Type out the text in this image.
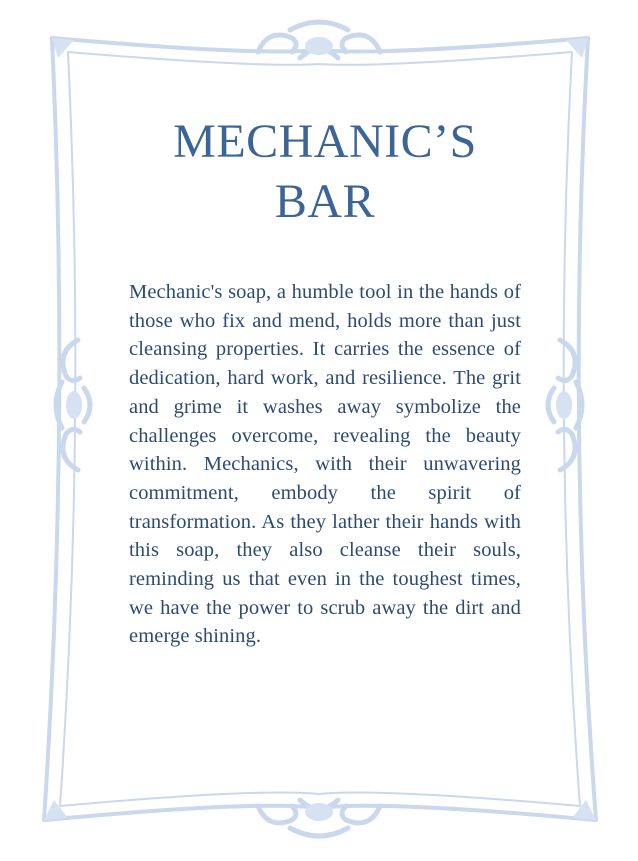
MECHANIC’S
BAR

Mechanic's soap, a humble tool in the hands of those who fix and mend, holds more than just cleansing properties. It carries the essence of dedication, hard work, and resilience. The grit and grime it washes away symbolize the challenges overcome, revealing the beauty within. Mechanics, with their unwavering commitment, embody the spirit of transformation. As they lather their hands with this soap, they also cleanse their souls, reminding us that even in the toughest times, we have the power to scrub away the dirt and emerge shining.
